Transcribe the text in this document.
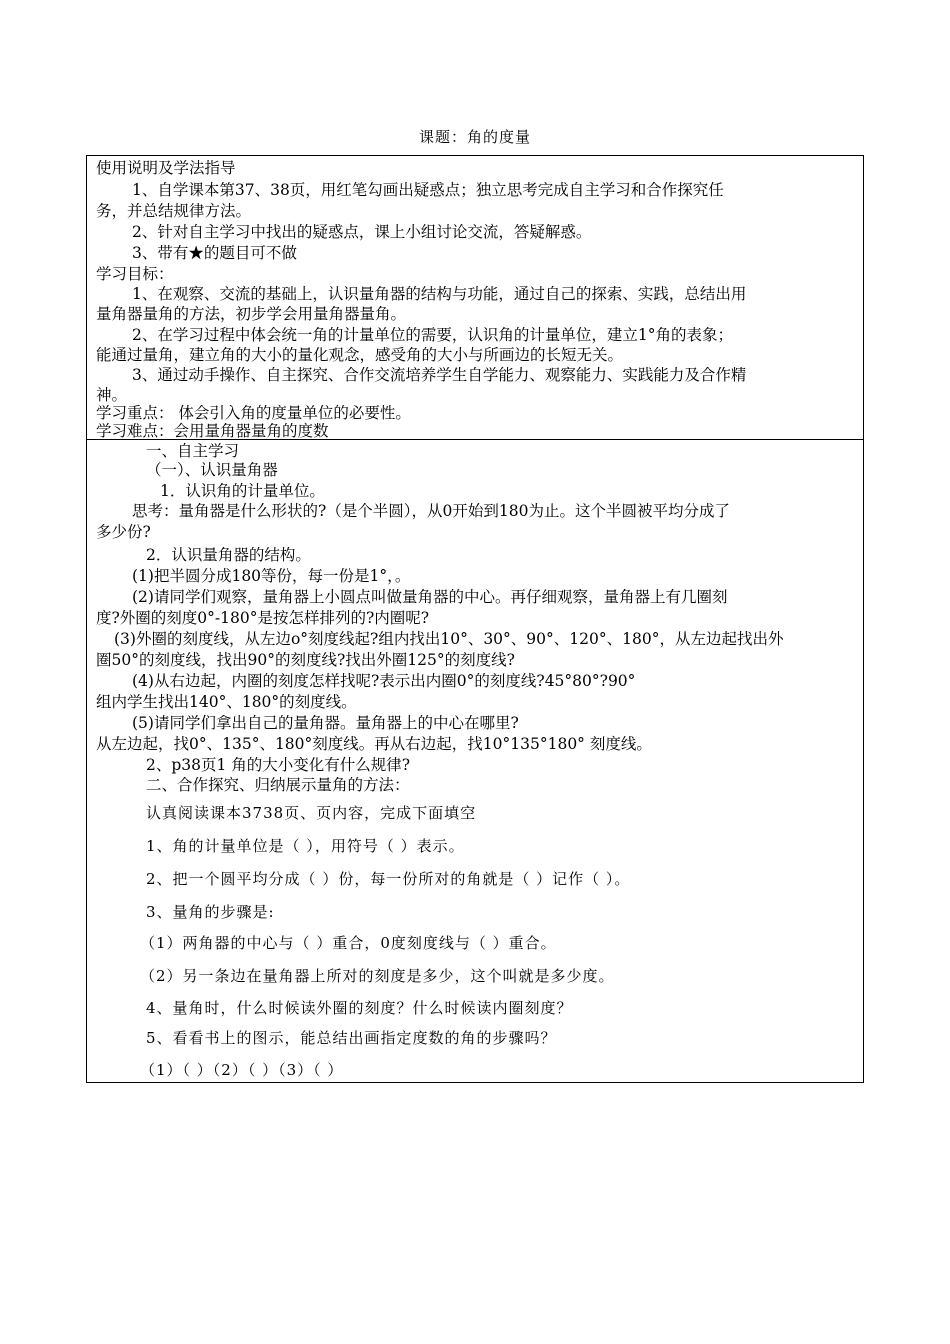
课题：角的度量
使用说明及学法指导
1、自学课本第37、38页，用红笔勾画出疑惑点；独立思考完成自主学习和合作探究任
务，并总结规律方法。
2、针对自主学习中找出的疑惑点，课上小组讨论交流，答疑解惑。
3、带有★的题目可不做
学习目标：
1、在观察、交流的基础上，认识量角器的结构与功能，通过自己的探索、实践，总结出用
量角器量角的方法，初步学会用量角器量角。
2、在学习过程中体会统一角的计量单位的需要，认识角的计量单位，建立1°角的表象；
能通过量角，建立角的大小的量化观念，感受角的大小与所画边的长短无关。
3、通过动手操作、自主探究、合作交流培养学生自学能力、观察能力、实践能力及合作精
神。
学习重点： 体会引入角的度量单位的必要性。
学习难点：会用量角器量角的度数
一、自主学习
（一）、认识量角器
1．认识角的计量单位。
思考：量角器是什么形状的?（是个半圆），从0开始到180为止。这个半圆被平均分成了
多少份?
2．认识量角器的结构。
(1)把半圆分成180等份，每一份是1°，。
(2)请同学们观察，量角器上小圆点叫做量角器的中心。再仔细观察，量角器上有几圈刻
度?外圈的刻度0°-180°是按怎样排列的?内圈呢?
(3)外圈的刻度线，从左边o°刻度线起?组内找出10°、30°、90°、120°、180°，从左边起找出外
圈50°的刻度线，找出90°的刻度线?找出外圈125°的刻度线?
(4)从右边起，内圈的刻度怎样找呢?表示出内圈0°的刻度线?45°80°?90°
组内学生找出140°、180°的刻度线。
(5)请同学们拿出自己的量角器。量角器上的中心在哪里?
从左边起，找0°、135°、180°刻度线。再从右边起，找10°135°180° 刻度线。
2、p38页1 角的大小变化有什么规律?
二、合作探究、归纳展示量角的方法：
认真阅读课本3738页、页内容，完成下面填空
1、角的计量单位是（ ），用符号（ ）表示。
2、把一个圆平均分成（ ）份，每一份所对的角就是（ ）记作（ ）。
3、量角的步骤是:
（1）两角器的中心与（ ）重合，0度刻度线与（ ）重合。
（2）另一条边在量角器上所对的刻度是多少，这个叫就是多少度。
4、量角时，什么时候读外圈的刻度？什么时候读内圈刻度？
5、看看书上的图示，能总结出画指定度数的角的步骤吗？
（1）（ ）（2）（ ）（3）（ ）
